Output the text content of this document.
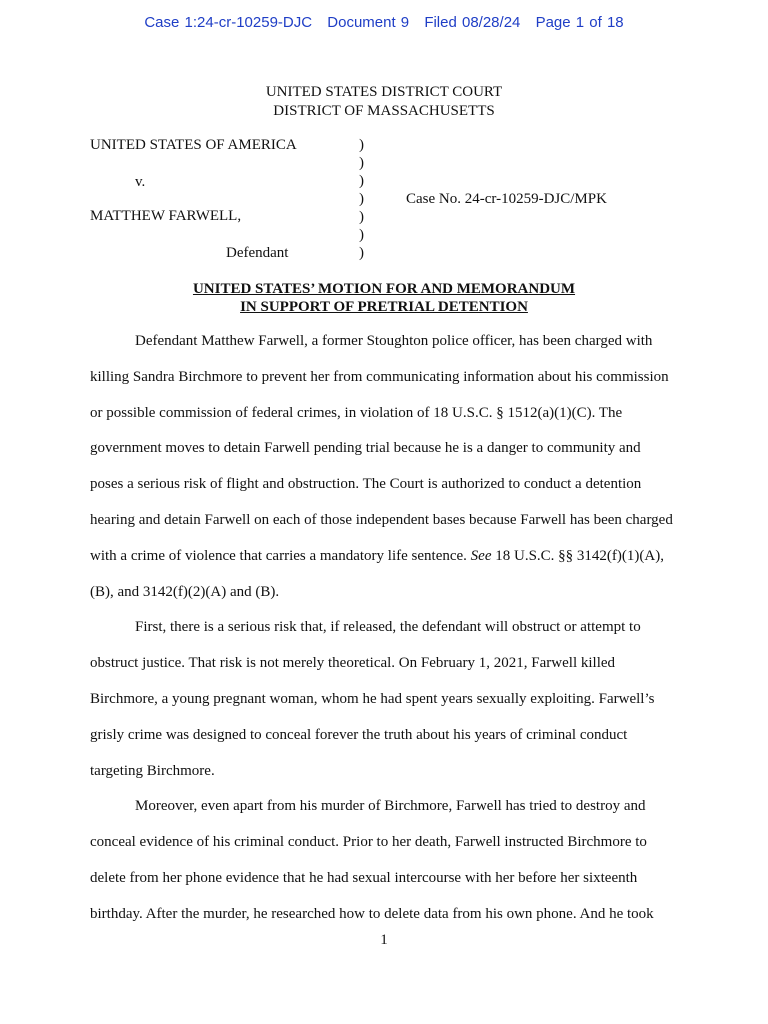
Case 1:24-cr-10259-DJC Document 9 Filed 08/28/24 Page 1 of 18
UNITED STATES DISTRICT COURT
DISTRICT OF MASSACHUSETTS
UNITED STATES OF AMERICA
v.
MATTHEW FARWELL,
Defendant
Case No. 24-cr-10259-DJC/MPK
)
)
)
)
)
)
)
UNITED STATES’ MOTION FOR AND MEMORANDUM
IN SUPPORT OF PRETRIAL DETENTION
Defendant Matthew Farwell, a former Stoughton police officer, has been charged with
killing Sandra Birchmore to prevent her from communicating information about his commission
or possible commission of federal crimes, in violation of 18 U.S.C. § 1512(a)(1)(C). The
government moves to detain Farwell pending trial because he is a danger to community and
poses a serious risk of flight and obstruction. The Court is authorized to conduct a detention
hearing and detain Farwell on each of those independent bases because Farwell has been charged
with a crime of violence that carries a mandatory life sentence. See 18 U.S.C. §§ 3142(f)(1)(A),
(B), and 3142(f)(2)(A) and (B).
First, there is a serious risk that, if released, the defendant will obstruct or attempt to
obstruct justice. That risk is not merely theoretical. On February 1, 2021, Farwell killed
Birchmore, a young pregnant woman, whom he had spent years sexually exploiting. Farwell’s
grisly crime was designed to conceal forever the truth about his years of criminal conduct
targeting Birchmore.
Moreover, even apart from his murder of Birchmore, Farwell has tried to destroy and
conceal evidence of his criminal conduct. Prior to her death, Farwell instructed Birchmore to
delete from her phone evidence that he had sexual intercourse with her before her sixteenth
birthday. After the murder, he researched how to delete data from his own phone. And he took
1
